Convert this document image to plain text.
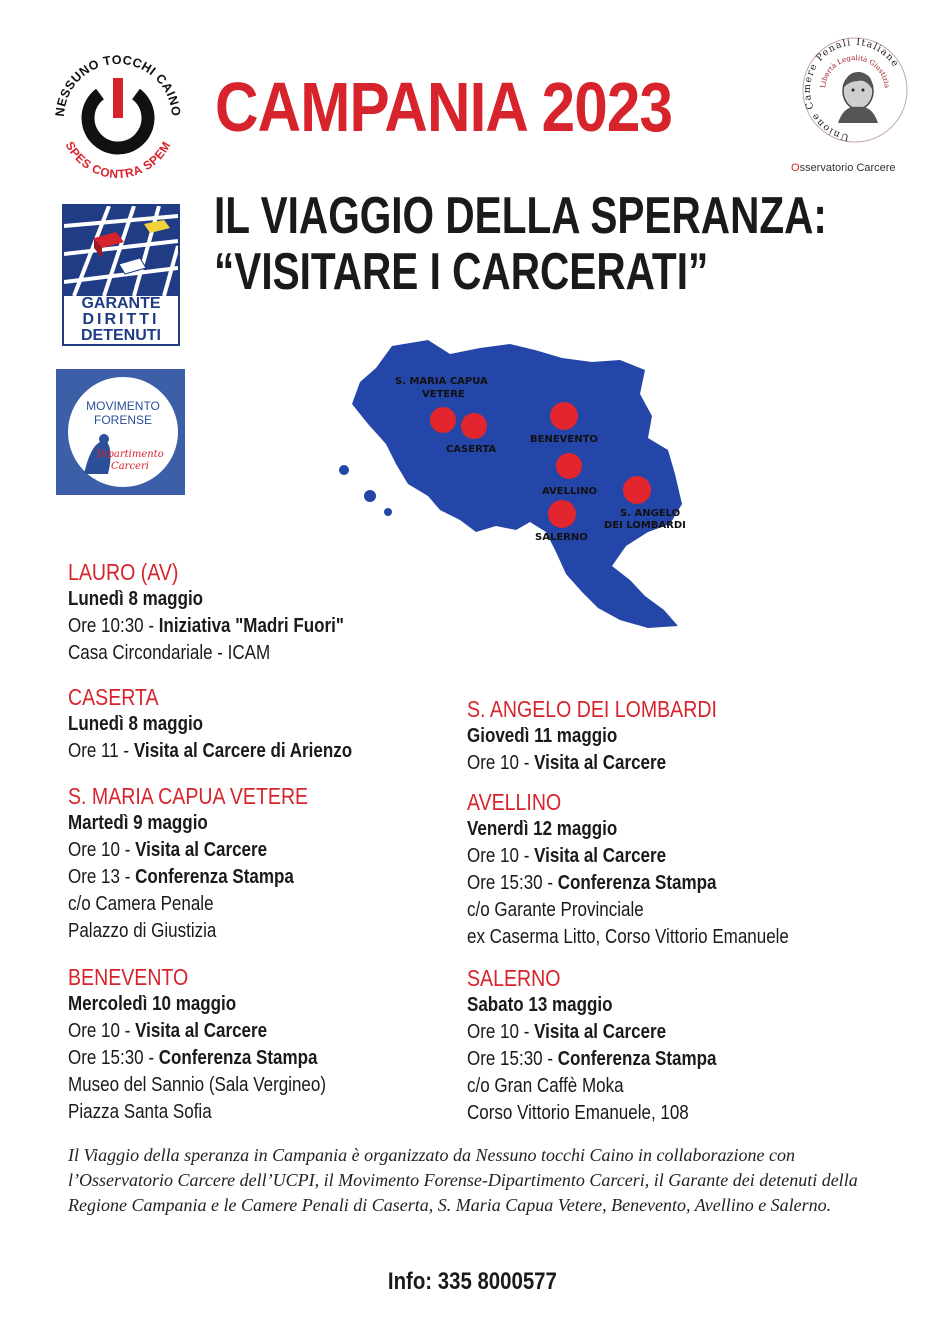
NESSUNO TOCCHI CAINO
SPES CONTRA SPEM
GARANTE
DIRITTI
DETENUTI
MOVIMENTO
FORENSE
Dipartimento Carceri
Unione Camere Penali Italiane
Libertà Legalità Giustizia
Osservatorio Carcere
CAMPANIA 2023
IL VIAGGIO DELLA SPERANZA:
“VISITARE I CARCERATI”
S. MARIA CAPUA
VETERE
CASERTA
BENEVENTO
AVELLINO
S. ANGELO
DEI LOMBARDI
SALERNO
LAURO (AV)
Lunedì 8 maggio
Ore 10:30 - Iniziativa "Madri Fuori"
Casa Circondariale - ICAM
CASERTA
Lunedì 8 maggio
Ore 11 - Visita al Carcere di Arienzo
S. MARIA CAPUA VETERE
Martedì 9 maggio
Ore 10 - Visita al Carcere
Ore 13 - Conferenza Stampa
c/o Camera Penale
Palazzo di Giustizia
BENEVENTO
Mercoledì 10 maggio
Ore 10 - Visita al Carcere
Ore 15:30 - Conferenza Stampa
Museo del Sannio (Sala Vergineo)
Piazza Santa Sofia
S. ANGELO DEI LOMBARDI
Giovedì 11 maggio
Ore 10 - Visita al Carcere
AVELLINO
Venerdì 12 maggio
Ore 10 - Visita al Carcere
Ore 15:30 - Conferenza Stampa
c/o Garante Provinciale
ex Caserma Litto, Corso Vittorio Emanuele
SALERNO
Sabato 13 maggio
Ore 10 - Visita al Carcere
Ore 15:30 - Conferenza Stampa
c/o Gran Caffè Moka
Corso Vittorio Emanuele, 108
Il Viaggio della speranza in Campania è organizzato da Nessuno tocchi Caino in collaborazione con l’Osservatorio Carcere dell’UCPI, il Movimento Forense-Dipartimento Carceri, il Garante dei detenuti della Regione Campania e le Camere Penali di Caserta, S. Maria Capua Vetere, Benevento, Avellino e Salerno.
Info: 335 8000577
